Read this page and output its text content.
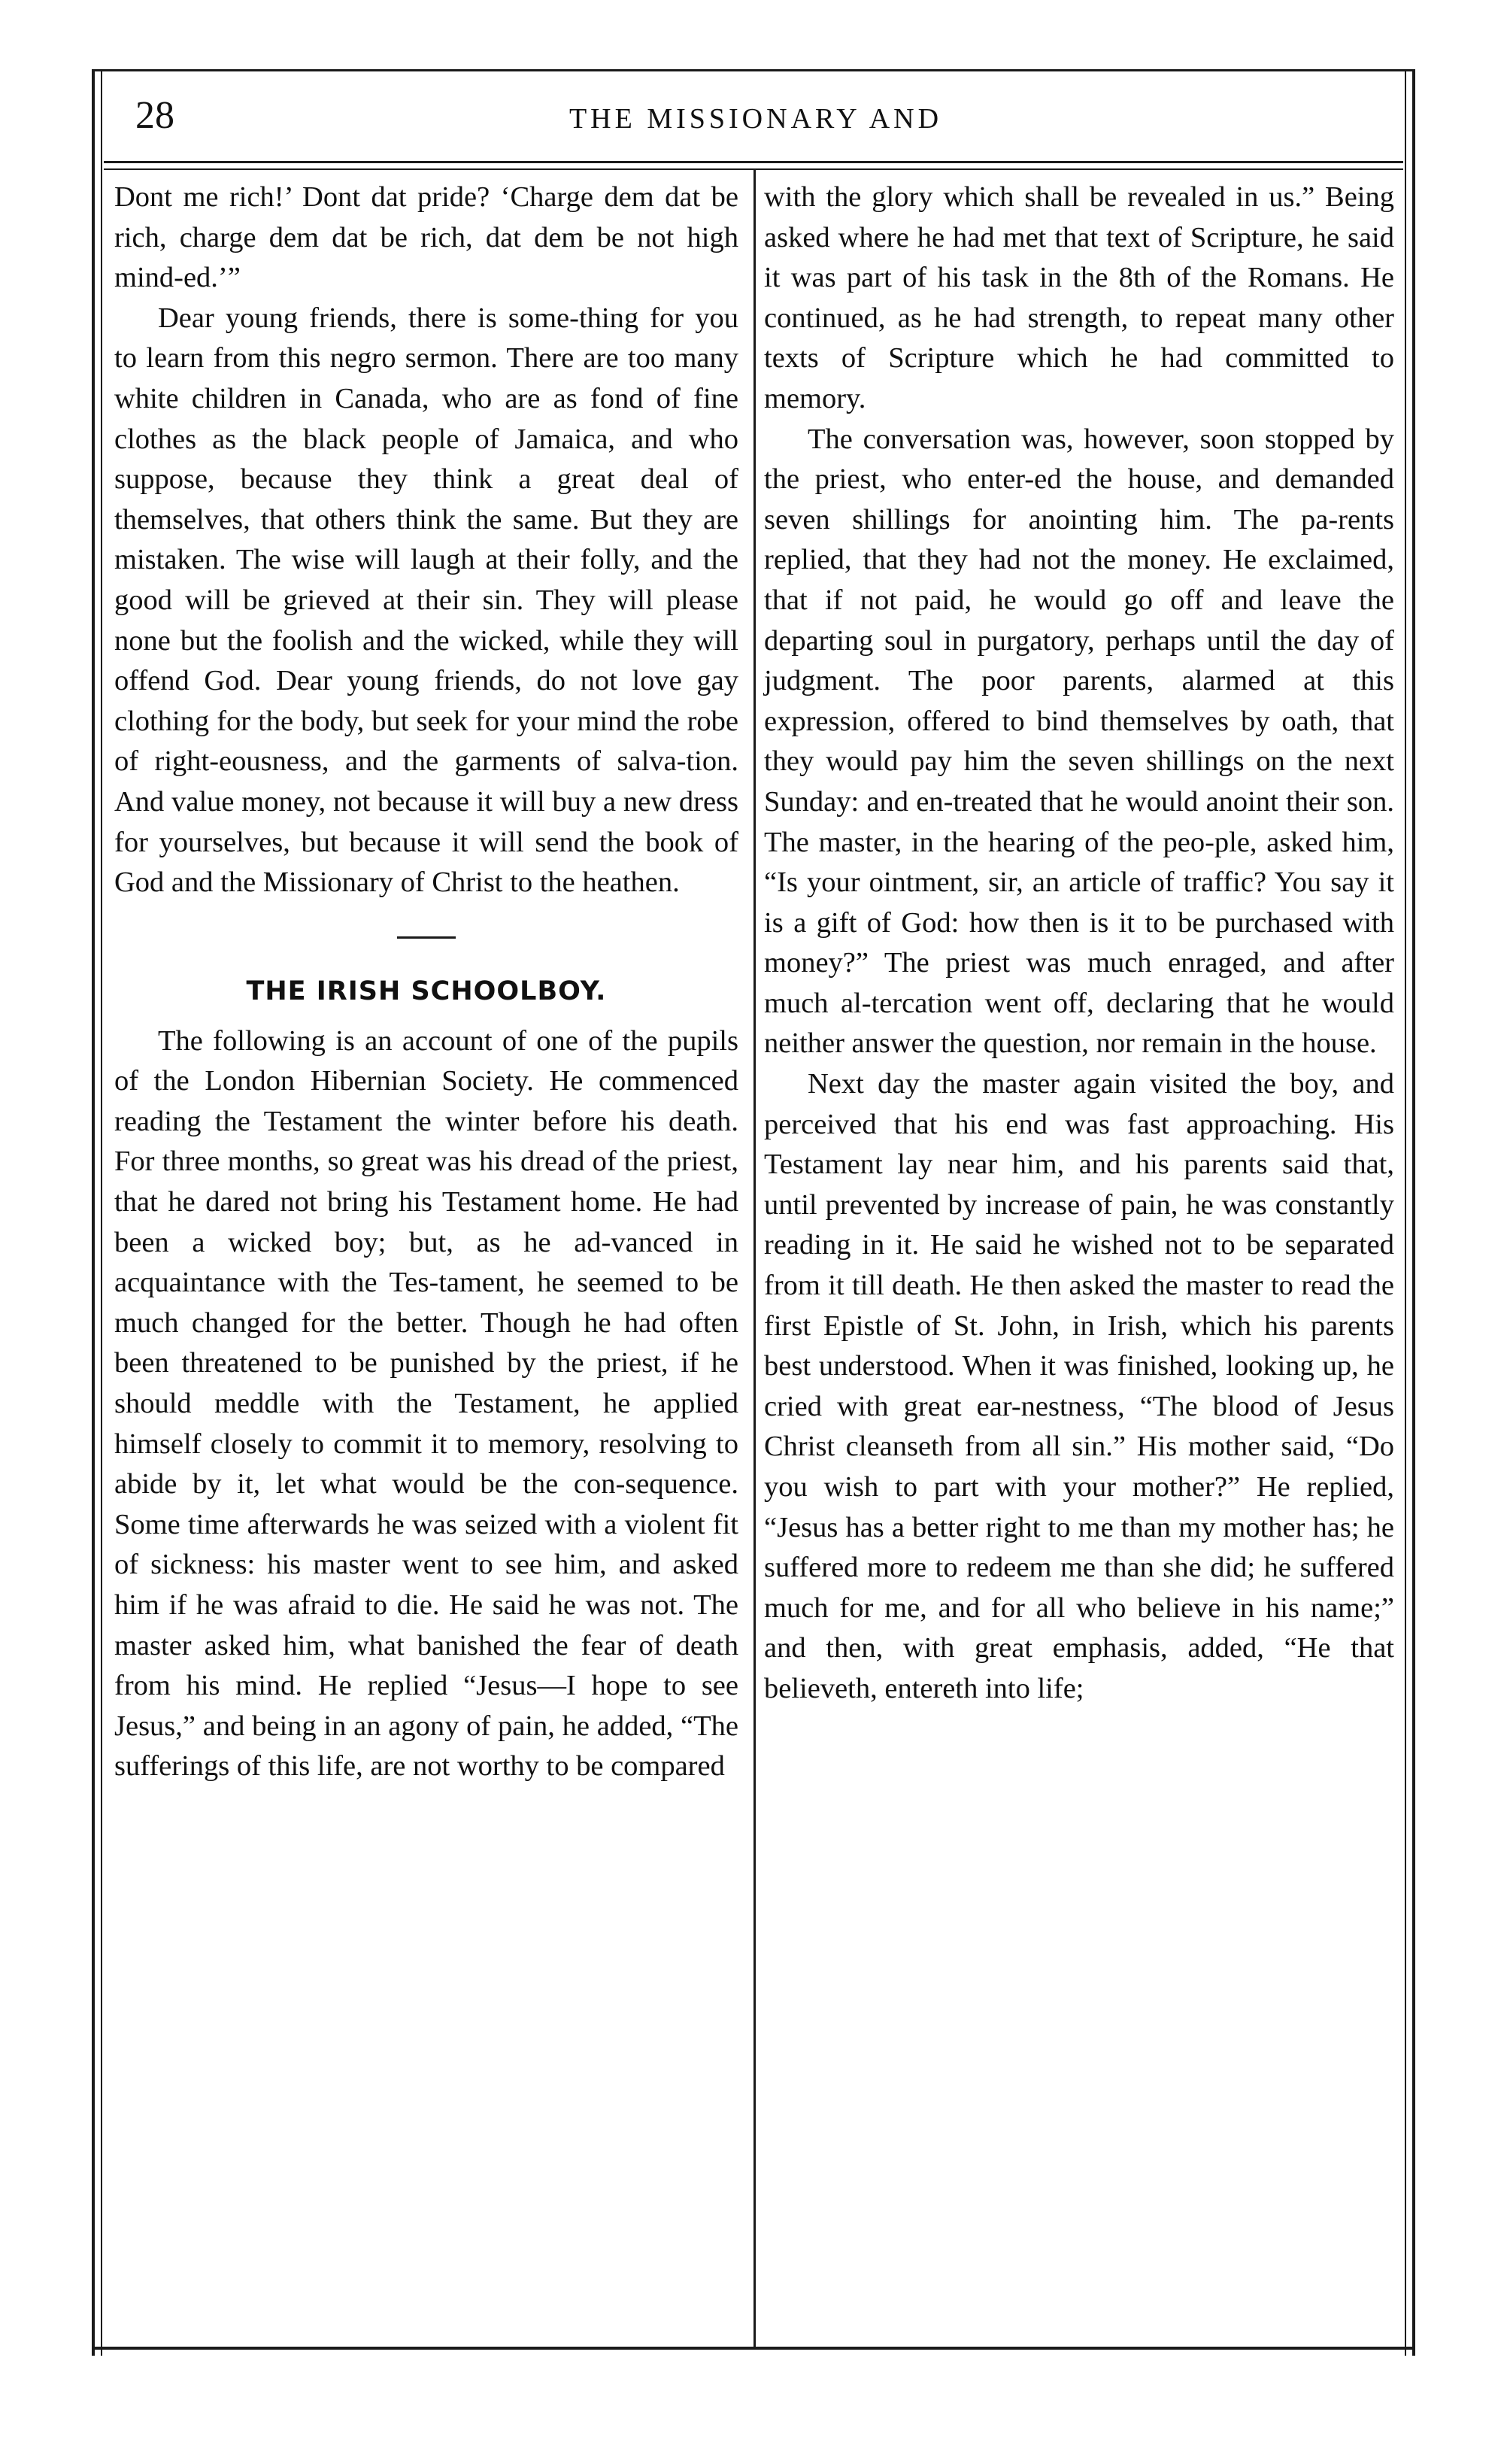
28	THE MISSIONARY AND

Dont me rich!’ Dont dat pride? ‘Charge dem dat be rich, charge dem dat be rich, dat dem be not high mind-ed.’”

Dear young friends, there is some-thing for you to learn from this negro sermon. There are too many white children in Canada, who are as fond of fine clothes as the black people of Jamaica, and who suppose, because they think a great deal of themselves, that others think the same. But they are mistaken. The wise will laugh at their folly, and the good will be grieved at their sin. They will please none but the foolish and the wicked, while they will offend God. Dear young friends, do not love gay clothing for the body, but seek for your mind the robe of right-eousness, and the garments of salva-tion. And value money, not because it will buy a new dress for yourselves, but because it will send the book of God and the Missionary of Christ to the heathen.

THE IRISH SCHOOLBOY.

The following is an account of one of the pupils of the London Hibernian Society. He commenced reading the Testament the winter before his death. For three months, so great was his dread of the priest, that he dared not bring his Testament home. He had been a wicked boy; but, as he ad-vanced in acquaintance with the Tes-tament, he seemed to be much changed for the better. Though he had often been threatened to be punished by the priest, if he should meddle with the Testament, he applied himself closely to commit it to memory, resolving to abide by it, let what would be the con-sequence. Some time afterwards he was seized with a violent fit of sickness: his master went to see him, and asked him if he was afraid to die. He said he was not. The master asked him, what banished the fear of death from his mind. He replied “Jesus—I hope to see Jesus,” and being in an agony of pain, he added, “The sufferings of this life, are not worthy to be compared

with the glory which shall be revealed in us.” Being asked where he had met that text of Scripture, he said it was part of his task in the 8th of the Romans. He continued, as he had strength, to repeat many other texts of Scripture which he had committed to memory.

The conversation was, however, soon stopped by the priest, who enter-ed the house, and demanded seven shillings for anointing him. The pa-rents replied, that they had not the money. He exclaimed, that if not paid, he would go off and leave the departing soul in purgatory, perhaps until the day of judgment. The poor parents, alarmed at this expression, offered to bind themselves by oath, that they would pay him the seven shillings on the next Sunday: and en-treated that he would anoint their son. The master, in the hearing of the peo-ple, asked him, “Is your ointment, sir, an article of traffic? You say it is a gift of God: how then is it to be purchased with money?” The priest was much enraged, and after much al-tercation went off, declaring that he would neither answer the question, nor remain in the house.

Next day the master again visited the boy, and perceived that his end was fast approaching. His Testament lay near him, and his parents said that, until prevented by increase of pain, he was constantly reading in it. He said he wished not to be separated from it till death. He then asked the master to read the first Epistle of St. John, in Irish, which his parents best understood. When it was finished, looking up, he cried with great ear-nestness, “The blood of Jesus Christ cleanseth from all sin.” His mother said, “Do you wish to part with your mother?” He replied, “Jesus has a better right to me than my mother has; he suffered more to redeem me than she did; he suffered much for me, and for all who believe in his name;” and then, with great emphasis, added, “He that believeth, entereth into life;
